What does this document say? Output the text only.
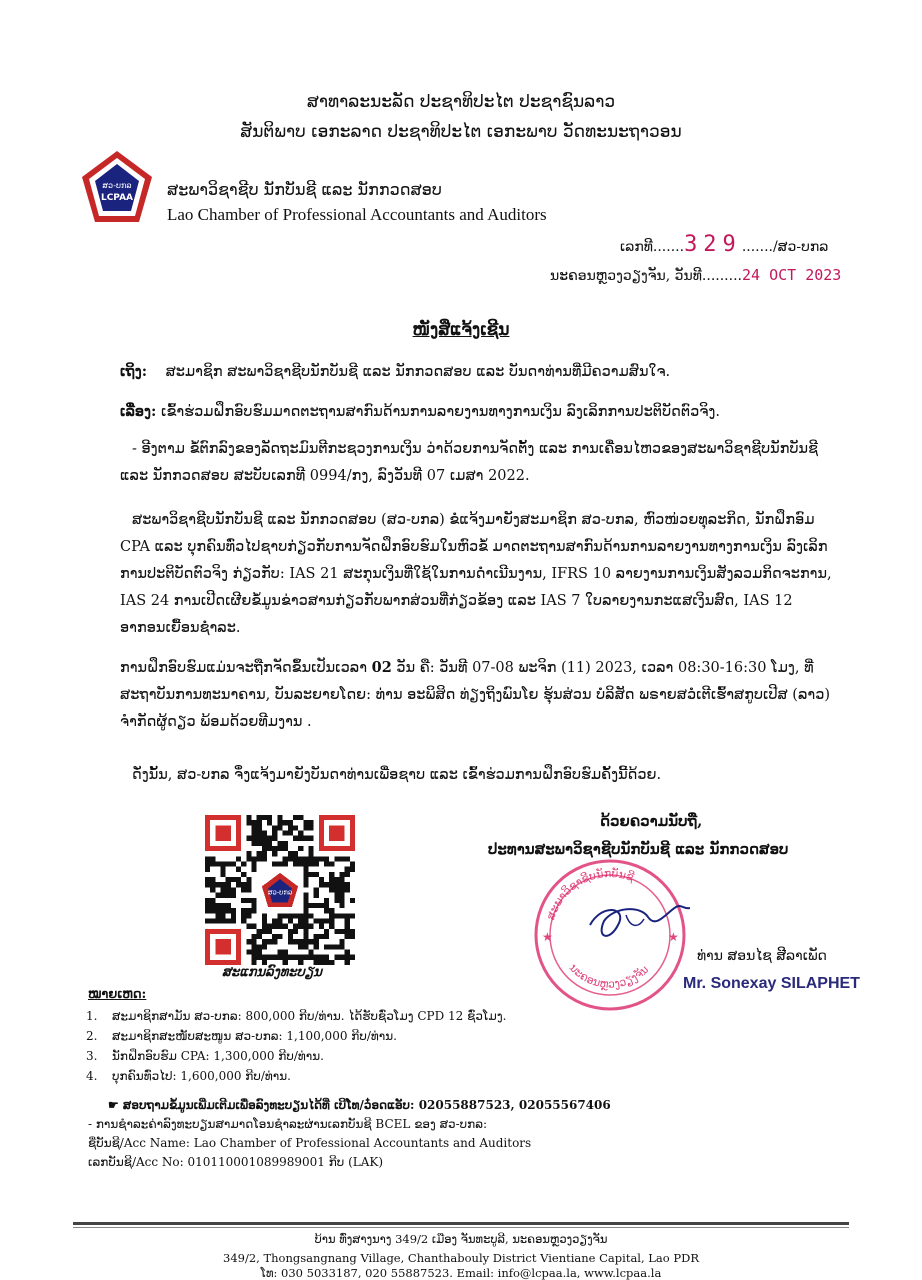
ສາທາລະນະລັດ ປະຊາທິປະໄຕ ປະຊາຊົນລາວ
ສັນຕິພາບ ເອກະລາດ ປະຊາທິປະໄຕ ເອກະພາບ ວັດທະນະຖາວອນ
ສວ-ບກລ
LCPAA ສະພາວິຊາຊີບ ນັກບັນຊີ ແລະ ນັກກວດສອບ
Lao Chamber of Professional Accountants and Auditors
ເລກທີ.......329......./ສວ-ບກລ
ນະຄອນຫຼວງວຽງຈັນ, ວັນທີ.........24 OCT 2023
ໜັງສືແຈ້ງເຊີນ
ເຖິງ: ສະມາຊິກ ສະພາວິຊາຊີບນັກບັນຊີ ແລະ ນັກກວດສອບ ແລະ ບັນດາທ່ານທີ່ມີຄວາມສົນໃຈ.
ເລື່ອງ: ເຂົ້າຮ່ວມຝຶກອົບຮົມມາດຕະຖານສາກົນດ້ານການລາຍງານທາງການເງິນ ລົງເລິກການປະຕິບັດຕົວຈິງ.
- ອີງຕາມ ຂໍ້ຕົກລົງຂອງລັດຖະມົນຕີກະຊວງການເງິນ ວ່າດ້ວຍການຈັດຕັ້ງ ແລະ ການເຄື່ອນໄຫວຂອງສະພາວິຊາຊີບນັກບັນຊີ ແລະ ນັກກວດສອບ ສະບັບເລກທີ 0994/ກງ, ລົງວັນທີ 07 ເມສາ 2022.
ສະພາວິຊາຊີບນັກບັນຊີ ແລະ ນັກກວດສອບ (ສວ-ບກລ) ຂໍແຈ້ງມາຍັງສະມາຊິກ ສວ-ບກລ, ຫົວໜ່ວຍທຸລະກິດ, ນັກຝຶກອົມ CPA ແລະ ບຸກຄົນທົ່ວໄປຊາບກ່ຽວກັບການຈັດຝຶກອົບຮົມໃນຫົວຂໍ້ ມາດຕະຖານສາກົນດ້ານການລາຍງານທາງການເງິນ ລົງເລິກການປະຕິບັດຕົວຈິງ ກ່ຽວກັບ: IAS 21 ສະກຸນເງິນທີ່ໃຊ້ໃນການດຳເນີນງານ, IFRS 10 ລາຍງານການເງິນສັງລວມກິດຈະການ, IAS 24 ການເປີດເຜີຍຂໍ້ມູນຂ່າວສານກ່ຽວກັບພາກສ່ວນທີ່ກ່ຽວຂ້ອງ ແລະ IAS 7 ໃບລາຍງານກະແສເງິນສົດ, IAS 12 ອາກອນເຍື້ອນຊຳລະ.
ການຝຶກອົບຮົມແມ່ນຈະຖືກຈັດຂຶ້ນເປັນເວລາ 02 ວັນ ຄື: ວັນທີ 07-08 ພະຈິກ (11) 2023, ເວລາ 08:30-16:30 ໂມງ, ທີ່ສະຖາບັນການທະນາຄານ, ບັນລະຍາຍໂດຍ: ທ່ານ ອະພິສິດ ທ່ຽງຖິງພົນໂຍ ຮຸ້ນສ່ວນ ບໍລິສັດ ພຣາຍສວໍເຕີເຮົ້າສກູບເປີສ (ລາວ) ຈຳກັດຜູ້ດຽວ ພ້ອມດ້ວຍທີມງານ .
ດັ່ງນັ້ນ, ສວ-ບກລ ຈຶ່ງແຈ້ງມາຍັງບັນດາທ່ານເພື່ອຊາບ ແລະ ເຂົ້າຮ່ວມການຝຶກອົບຮົມຄັ້ງນີ້ດ້ວຍ.
ດ້ວຍຄວາມນັບຖື,
ປະທານສະພາວິຊາຊີບນັກບັນຊີ ແລະ ນັກກວດສອບ
ສວ-ບກລ
ສະແກນລົງທະບຽນ
ສະພາວິຊາຊີບນັກບັນຊີ
ນະຄອນຫຼວງວຽງຈັນ
★	★
ທ່ານ ສອນໄຊ ສີລາເພັດ
Mr. Sonexay SILAPHET
ໝາຍເຫດ:
1. ສະມາຊິກສາມັນ ສວ-ບກລ: 800,000 ກີບ/ທ່ານ. ໄດ້ຮັບຊົ່ວໂມງ CPD 12 ຊົ່ວໂມງ.
2. ສະມາຊິກສະໜັບສະໜູນ ສວ-ບກລ: 1,100,000 ກີບ/ທ່ານ.
3. ນັກຝຶກອົບຮົມ CPA: 1,300,000 ກີບ/ທ່ານ.
4. ບຸກຄົນທົ່ວໄປ: 1,600,000 ກີບ/ທ່ານ.
☛ ສອບຖາມຂໍ້ມູນເພີ່ມເຕີມເພື່ອລົງທະບຽນໄດ້ທີ່ ເບີໂທ/ວ໋ອດແອັບ: 02055887523, 02055567406
- ການຊຳລະຄ່າລົງທະບຽນສາມາດໂອນຊຳລະຜ່ານເລກບັນຊີ BCEL ຂອງ ສວ-ບກລ:
ຊື່ບັນຊີ/Acc Name: Lao Chamber of Professional Accountants and Auditors
ເລກບັນຊີ/Acc No: 010110001089989001 ກີບ (LAK)
ບ້ານ ທົ່ງສາງນາງ 349/2 ເມືອງ ຈັນທະບູລີ, ນະຄອນຫຼວງວຽງຈັນ
349/2, Thongsangnang Village, Chanthabouly District Vientiane Capital, Lao PDR
ໂທ: 030 5033187, 020 55887523. Email: info@lcpaa.la, www.lcpaa.la
